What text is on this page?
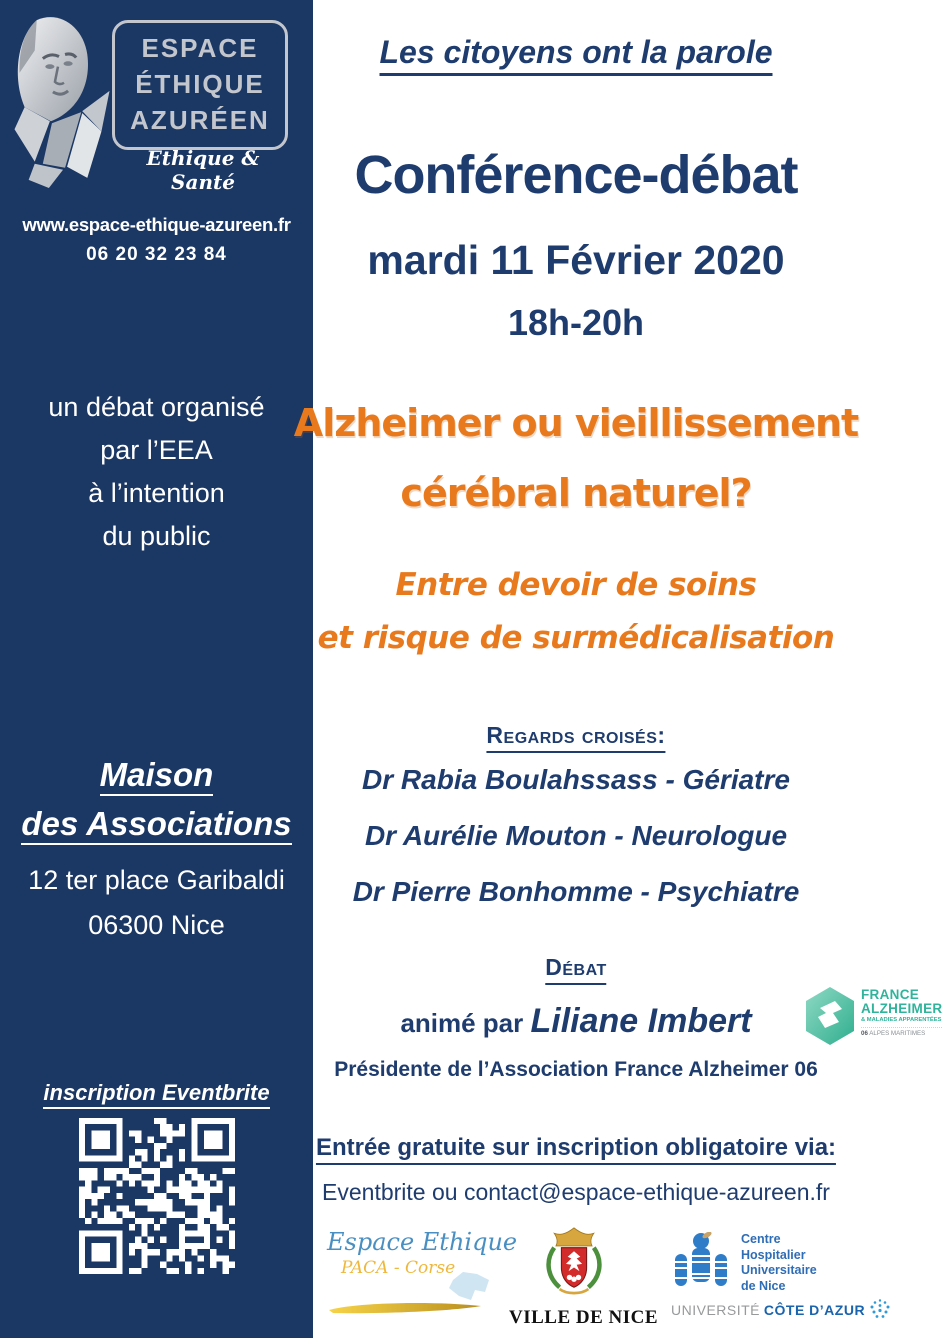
ESPACE
ÉTHIQUE
AZURÉEN
Ethique & Santé
www.espace-ethique-azureen.fr
06 20 32 23 84
un débat organisé
par l’EEA
à l’intention
du public
Maison
des Associations
12 ter place Garibaldi
06300 Nice
inscription Eventbrite
Les citoyens ont la parole
Conférence-débat
mardi 11 Février 2020
18h-20h
Alzheimer ou vieillissement
cérébral naturel?
Entre devoir de soins
et risque de surmédicalisation
Regards croisés:
Dr Rabia Boulahssass - Gériatre
Dr Aurélie Mouton - Neurologue
Dr Pierre Bonhomme - Psychiatre
Débat
animé par Liliane Imbert
Présidente de l’Association France Alzheimer 06
Entrée gratuite sur inscription obligatoire via:
Eventbrite ou contact@espace-ethique-azureen.fr
FRANCE
ALZHEIMER
& MALADIES APPARENTÉES
06 ALPES MARITIMES
Espace Ethique
PACA - Corse
VILLE DE NICE
Centre
Hospitalier
Universitaire
de Nice
UNIVERSITÉ CÔTE D’AZUR
